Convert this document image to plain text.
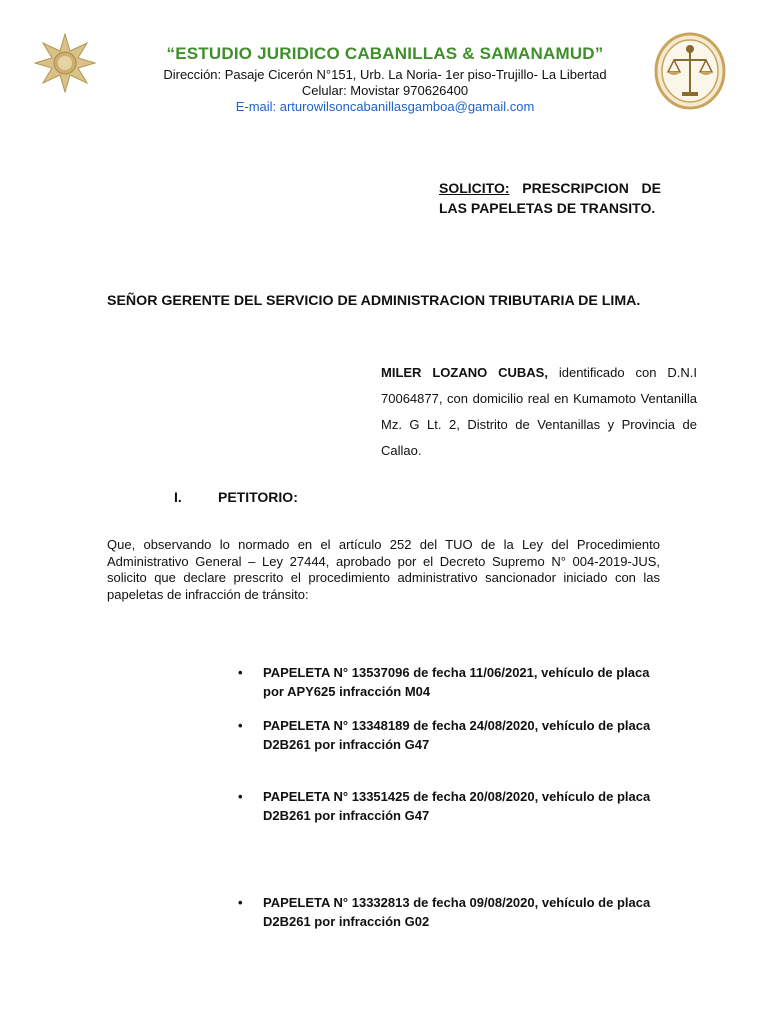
“ESTUDIO JURIDICO CABANILLAS & SAMANAMUD”
Dirección: Pasaje Cicerón N°151, Urb. La Noria- 1er piso-Trujillo- La Libertad
Celular: Movistar 970626400
E-mail: arturowilsoncabanillasgamboa@gamail.com
SOLICITO: PRESCRIPCION DE LAS PAPELETAS DE TRANSITO.
SEÑOR GERENTE DEL SERVICIO DE ADMINISTRACION TRIBUTARIA DE LIMA.
MILER LOZANO CUBAS, identificado con D.N.I 70064877, con domicilio real en Kumamoto Ventanilla Mz. G Lt. 2, Distrito de Ventanillas y Provincia de Callao.
I.	PETITORIO:
Que, observando lo normado en el artículo 252 del TUO de la Ley del Procedimiento Administrativo General – Ley 27444, aprobado por el Decreto Supremo N° 004-2019-JUS, solicito que declare prescrito el procedimiento administrativo sancionador iniciado con las papeletas de infracción de tránsito:
• PAPELETA N° 13537096 de fecha 11/06/2021, vehículo de placa por APY625 infracción M04
• PAPELETA N° 13348189 de fecha 24/08/2020, vehículo de placa D2B261 por infracción G47
• PAPELETA N° 13351425 de fecha 20/08/2020, vehículo de placa D2B261 por infracción G47
• PAPELETA N° 13332813 de fecha 09/08/2020, vehículo de placa D2B261 por infracción G02
